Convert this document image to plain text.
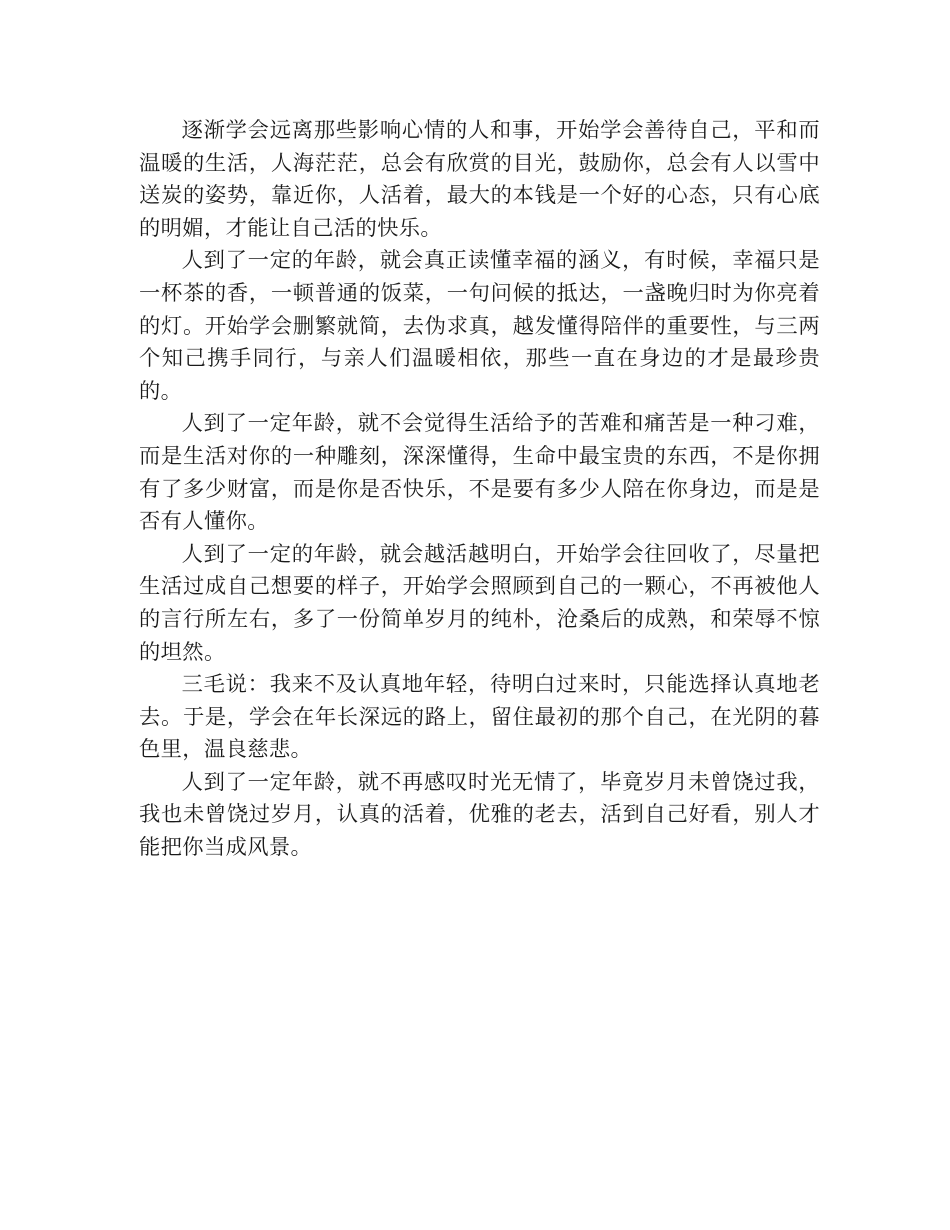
逐渐学会远离那些影响心情的人和事，开始学会善待自己，平和而温暖的生活，人海茫茫，总会有欣赏的目光，鼓励你，总会有人以雪中送炭的姿势，靠近你，人活着，最大的本钱是一个好的心态，只有心底的明媚，才能让自己活的快乐。

人到了一定的年龄，就会真正读懂幸福的涵义，有时候，幸福只是一杯茶的香，一顿普通的饭菜，一句问候的抵达，一盏晚归时为你亮着的灯。开始学会删繁就简，去伪求真，越发懂得陪伴的重要性，与三两个知己携手同行，与亲人们温暖相依，那些一直在身边的才是最珍贵的。

人到了一定年龄，就不会觉得生活给予的苦难和痛苦是一种刁难，而是生活对你的一种雕刻，深深懂得，生命中最宝贵的东西，不是你拥有了多少财富，而是你是否快乐，不是要有多少人陪在你身边，而是是否有人懂你。

人到了一定的年龄，就会越活越明白，开始学会往回收了，尽量把生活过成自己想要的样子，开始学会照顾到自己的一颗心，不再被他人的言行所左右，多了一份简单岁月的纯朴，沧桑后的成熟，和荣辱不惊的坦然。

三毛说：我来不及认真地年轻，待明白过来时，只能选择认真地老去。于是，学会在年长深远的路上，留住最初的那个自己，在光阴的暮色里，温良慈悲。

人到了一定年龄，就不再感叹时光无情了，毕竟岁月未曾饶过我，我也未曾饶过岁月，认真的活着，优雅的老去，活到自己好看，别人才能把你当成风景。
